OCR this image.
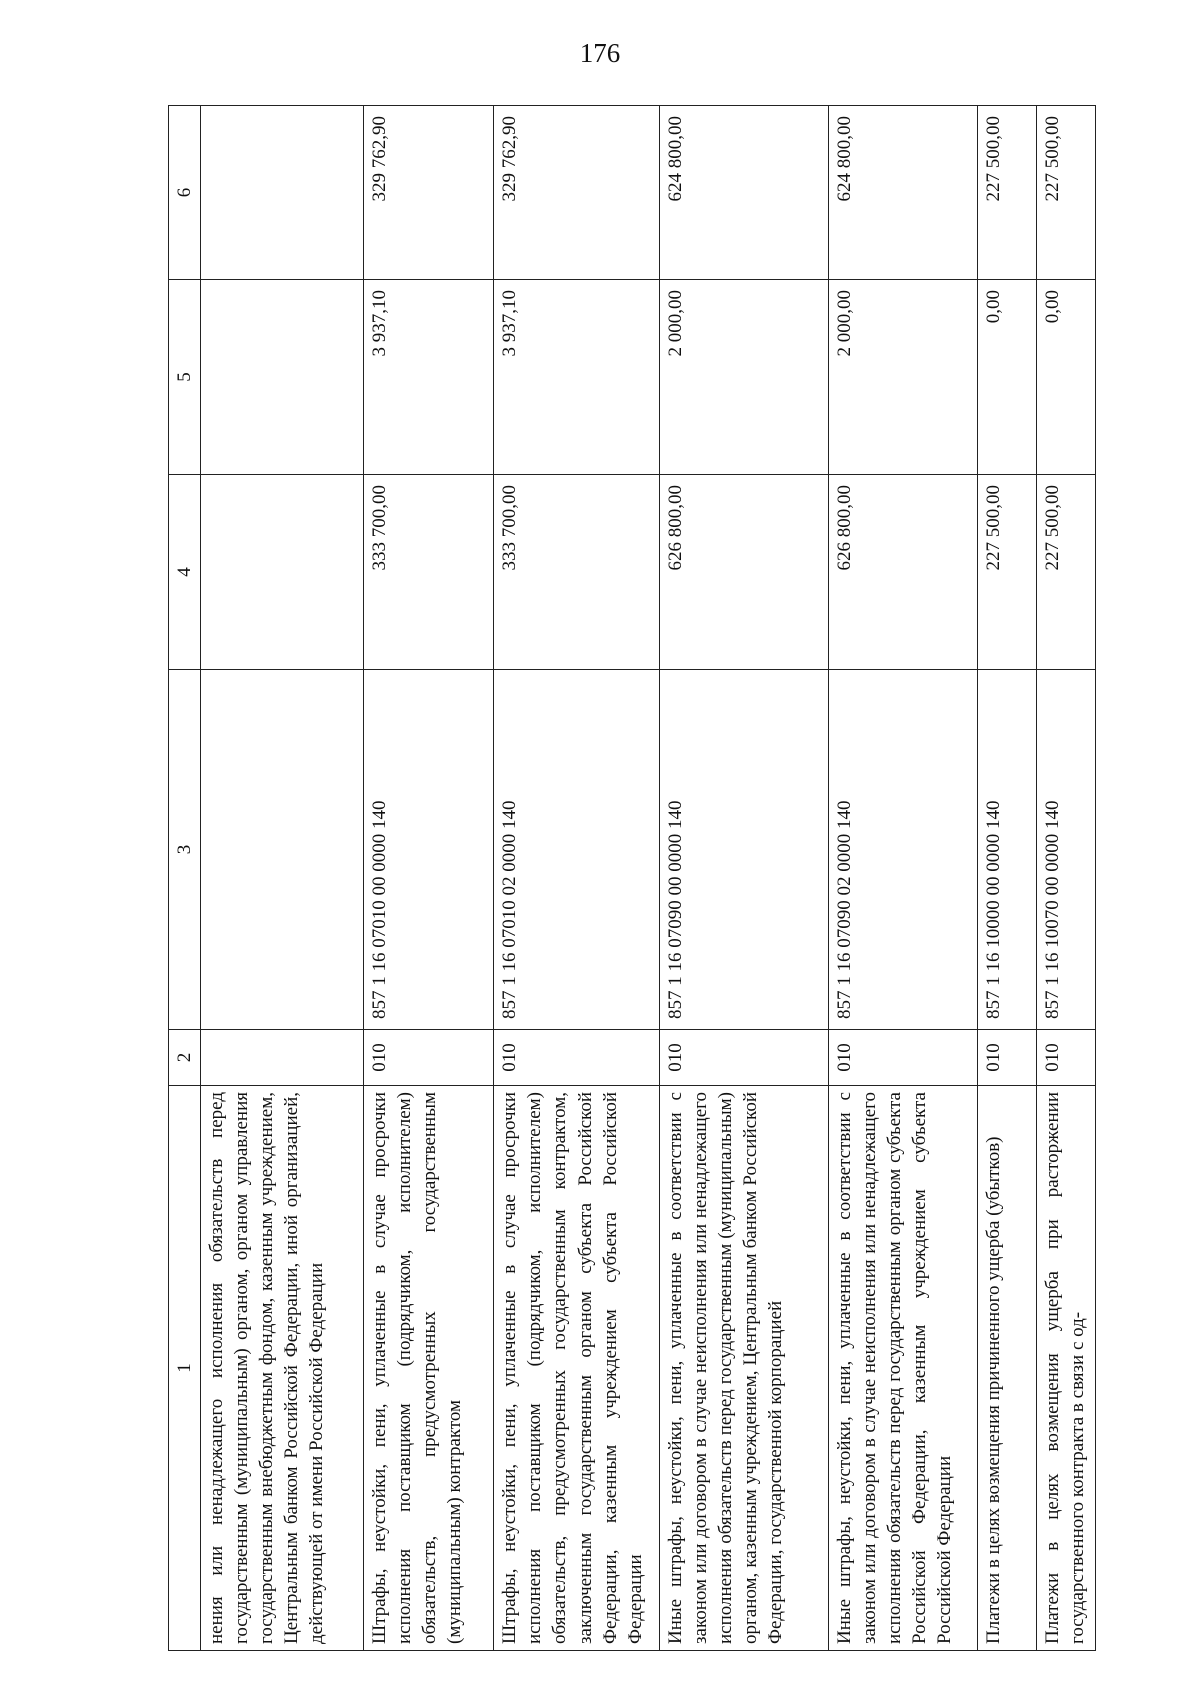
176
1	2	3	4	5	6
нения или ненадлежащего исполнения обязательств перед государственным (муниципальным) органом, органом управления государственным внебюджетным фондом, казенным учреждением, Центральным банком Российской Федерации, иной организацией, действующей от имени Российской Федерации					
Штрафы, неустойки, пени, уплаченные в случае просрочки исполнения поставщиком (подрядчиком, исполнителем) обязательств, предусмотренных государственным (муниципальным) контрактом	010	857 1 16 07010 00 0000 140	333 700,00	3 937,10	329 762,90
Штрафы, неустойки, пени, уплаченные в случае просрочки исполнения поставщиком (подрядчиком, исполнителем) обязательств, предусмотренных государственным контрактом, заключенным государственным органом субъекта Российской Федерации, казенным учреждением субъекта Российской Федерации	010	857 1 16 07010 02 0000 140	333 700,00	3 937,10	329 762,90
Иные штрафы, неустойки, пени, уплаченные в соответствии с законом или договором в случае неисполнения или ненадлежащего исполнения обязательств перед государственным (муниципальным) органом, казенным учреждением, Центральным банком Российской Федерации, государственной корпорацией	010	857 1 16 07090 00 0000 140	626 800,00	2 000,00	624 800,00
Иные штрафы, неустойки, пени, уплаченные в соответствии с законом или договором в случае неисполнения или ненадлежащего исполнения обязательств перед государственным органом субъекта Российской Федерации, казенным учреждением субъекта Российской Федерации	010	857 1 16 07090 02 0000 140	626 800,00	2 000,00	624 800,00
Платежи в целях возмещения причиненного ущерба (убытков)	010	857 1 16 10000 00 0000 140	227 500,00	0,00	227 500,00
Платежи в целях возмещения ущерба при расторжении государственного контракта в связи с од-	010	857 1 16 10070 00 0000 140	227 500,00	0,00	227 500,00
